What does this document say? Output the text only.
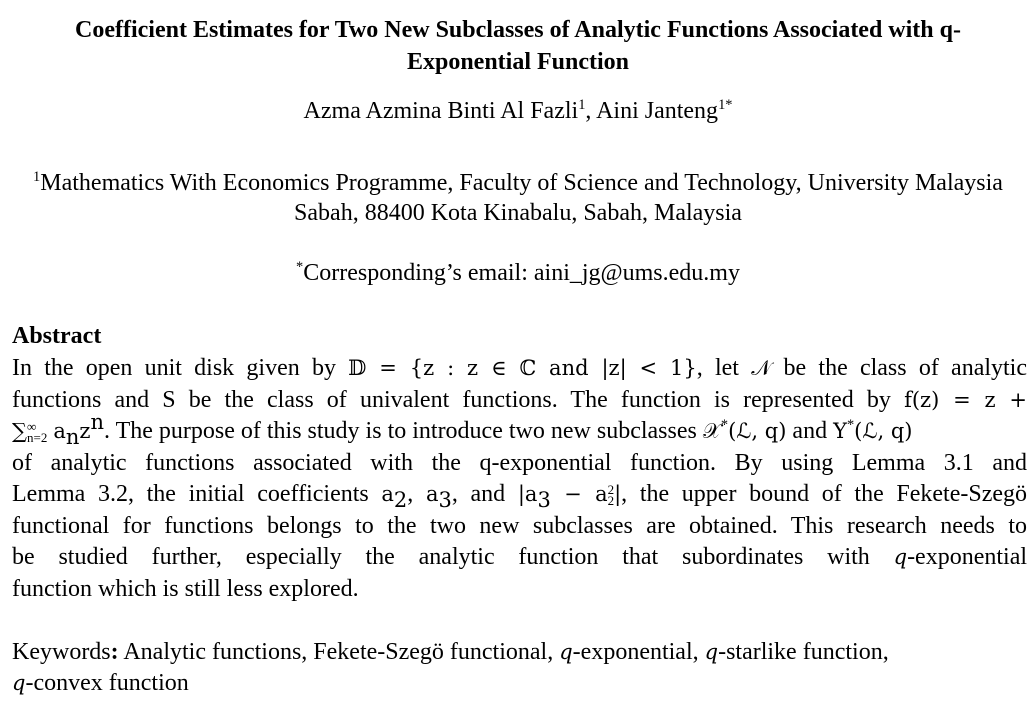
Coefficient Estimates for Two New Subclasses of Analytic Functions Associated with q-Exponential Function
Azma Azmina Binti Al Fazli$^1$, Aini Janteng$^{1*}$
$^1$Mathematics With Economics Programme, Faculty of Science and Technology, University Malaysia Sabah, 88400 Kota Kinabalu, Sabah, Malaysia
*Corresponding’s email: aini_jg@ums.edu.my
Abstract
In the open unit disk given by 𝔻 = {z : z ∈ ℂ and |z| < 1}, let 𝒩 be the class of analytic
functions and S be the class of univalent functions. The function is represented by f(z) = z +
∑ ∞
n=2 $a_nz^n$. The purpose of this study is to introduce two new subclasses 𝒳*(ℒ, q) and Υ*(ℒ, q)
of analytic functions associated with the q-exponential function. By using Lemma 3.1 and
Lemma 3.2, the initial coefficients $a_2$, $a_3$, and $|a_3 - a$ 2
2 |, the upper bound of the Fekete-Szegö
functional for functions belongs to the two new subclasses are obtained. This research needs to
be studied further, especially the analytic function that subordinates with q-exponential
function which is still less explored.
Keywords: Analytic functions, Fekete-Szegö functional, q-exponential, q-starlike function,
q-convex function
